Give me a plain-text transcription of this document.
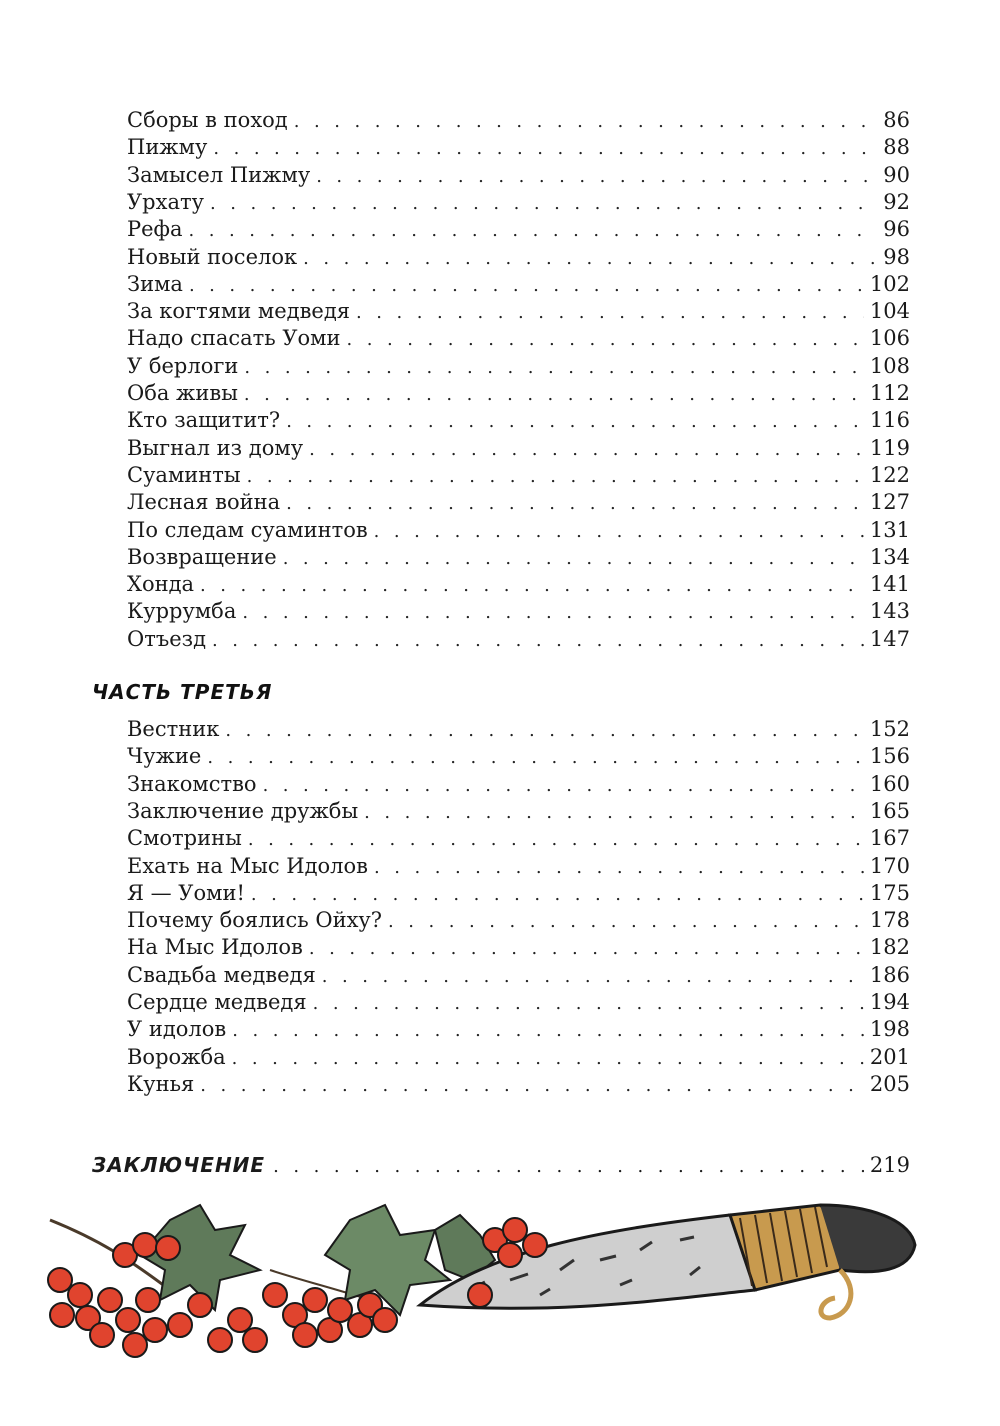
Сборы в поход . . .	86
Пижму . . .	88
Замысел Пижму . . .	90
Урхату . . .	92
Рефа . . .	96
Новый поселок . . .	98
Зима . . .	102
За когтями медведя . . .	104
Надо спасать Уоми . . .	106
У берлоги . . .	108
Оба живы . . .	112
Кто защитит? . . .	116
Выгнал из дому . . .	119
Суаминты . . .	122
Лесная война . . .	127
По следам суаминтов . . .	131
Возвращение . . .	134
Хонда . . .	141
Куррумба . . .	143
Отъезд . . .	147
Вестник . . .	152
Чужие . . .	156
Знакомство . . .	160
Заключение дружбы . . .	165
Смотрины . . .	167
Ехать на Мыс Идолов . . .	170
Я — Уоми! . . .	175
Почему боялись Ойху? . . .	178
На Мыс Идолов . . .	182
Свадьба медведя . . .	186
Сердце медведя . . .	194
У идолов . . .	198
Ворожба . . .	201
Кунья . . .	205
ЧАСТЬ ТРЕТЬЯ
ЗАКЛЮЧЕНИЕ . . .	219
